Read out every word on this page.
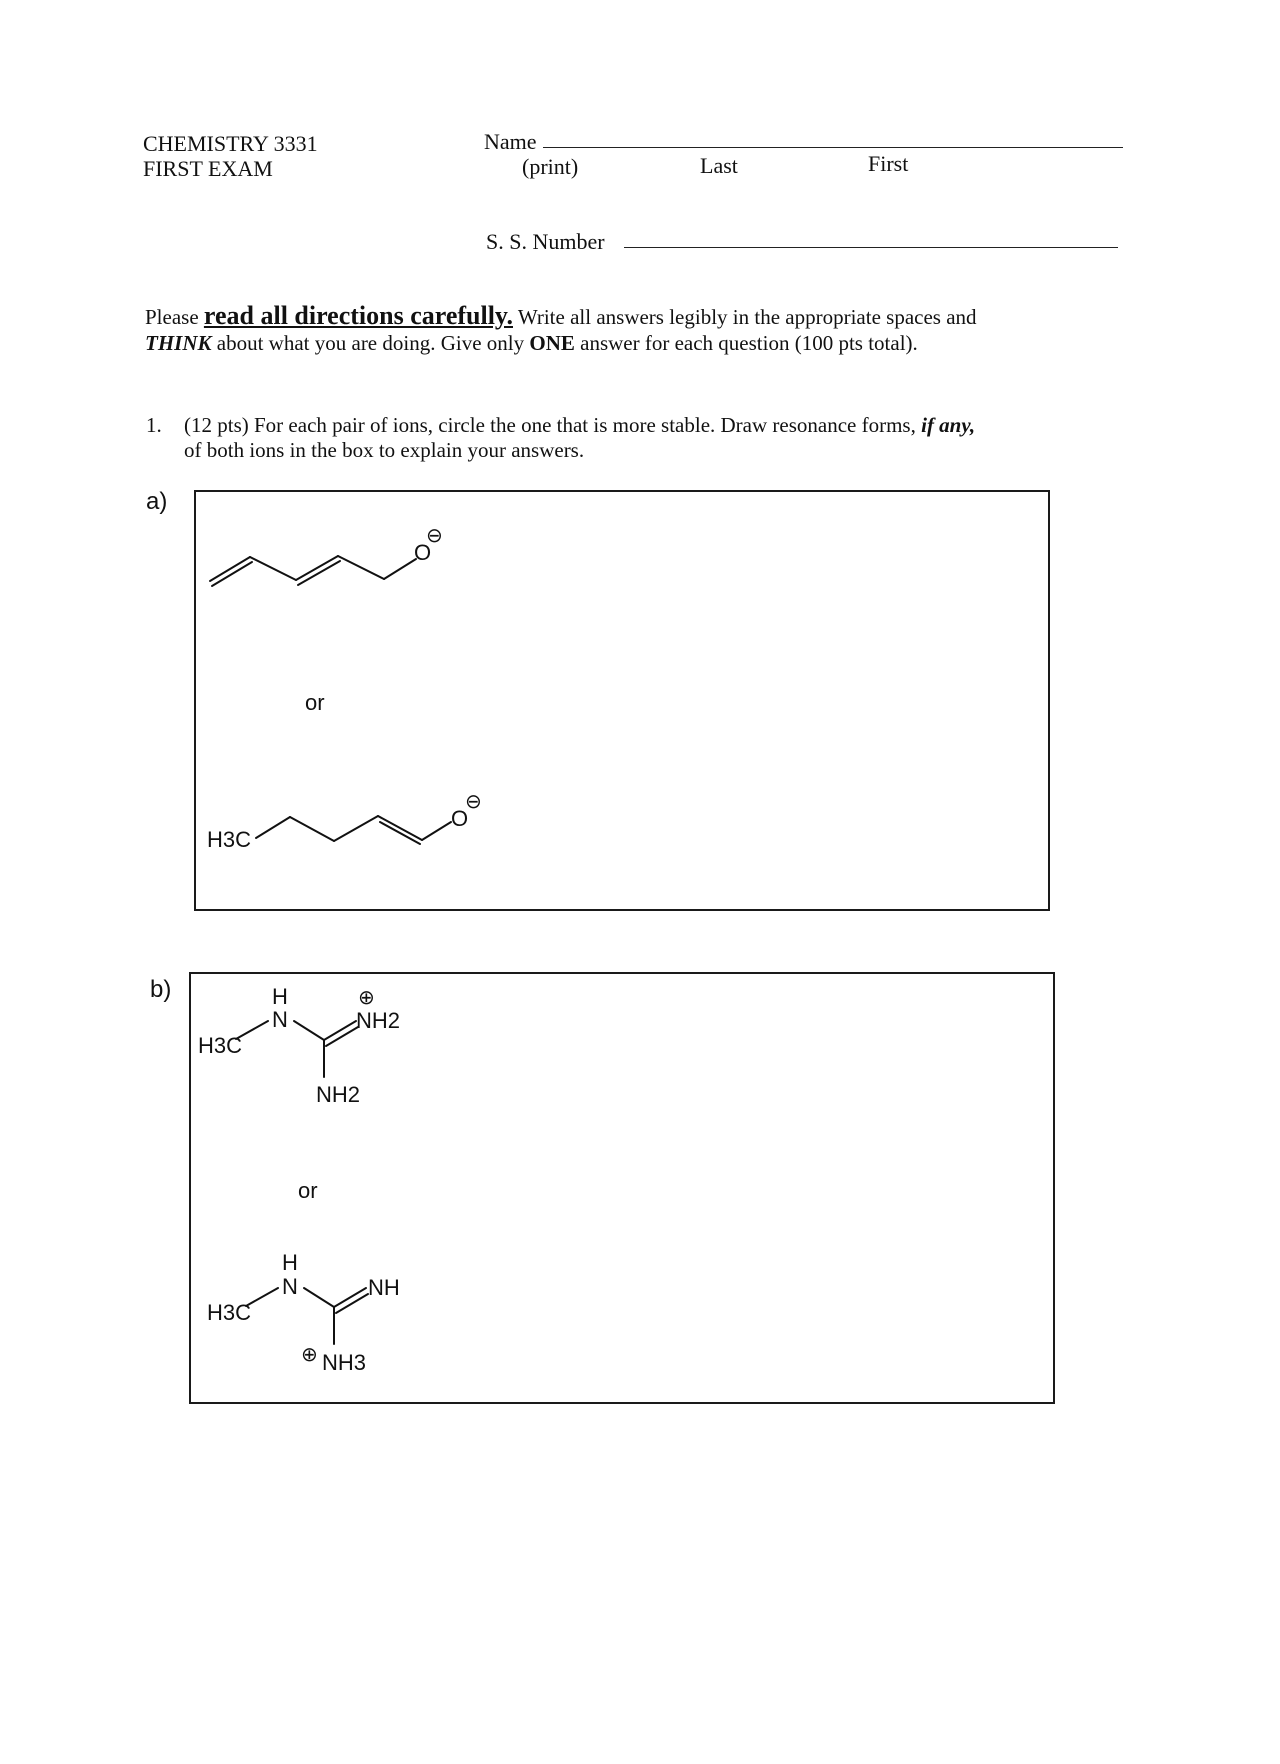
CHEMISTRY 3331
FIRST EXAM
Name
(print)	Last	First
S. S. Number
Please read all directions carefully. Write all answers legibly in the appropriate spaces and
THINK about what you are doing. Give only ONE answer for each question (100 pts total).
1. (12 pts) For each pair of ions, circle the one that is more stable. Draw resonance forms, if any,
of both ions in the box to explain your answers.
a)
O
⊖
or
H3C
O
⊖
H3C
H
N
⊕
NH2
NH2
or
H3C
H
N	NH
⊕ NH3
b)
